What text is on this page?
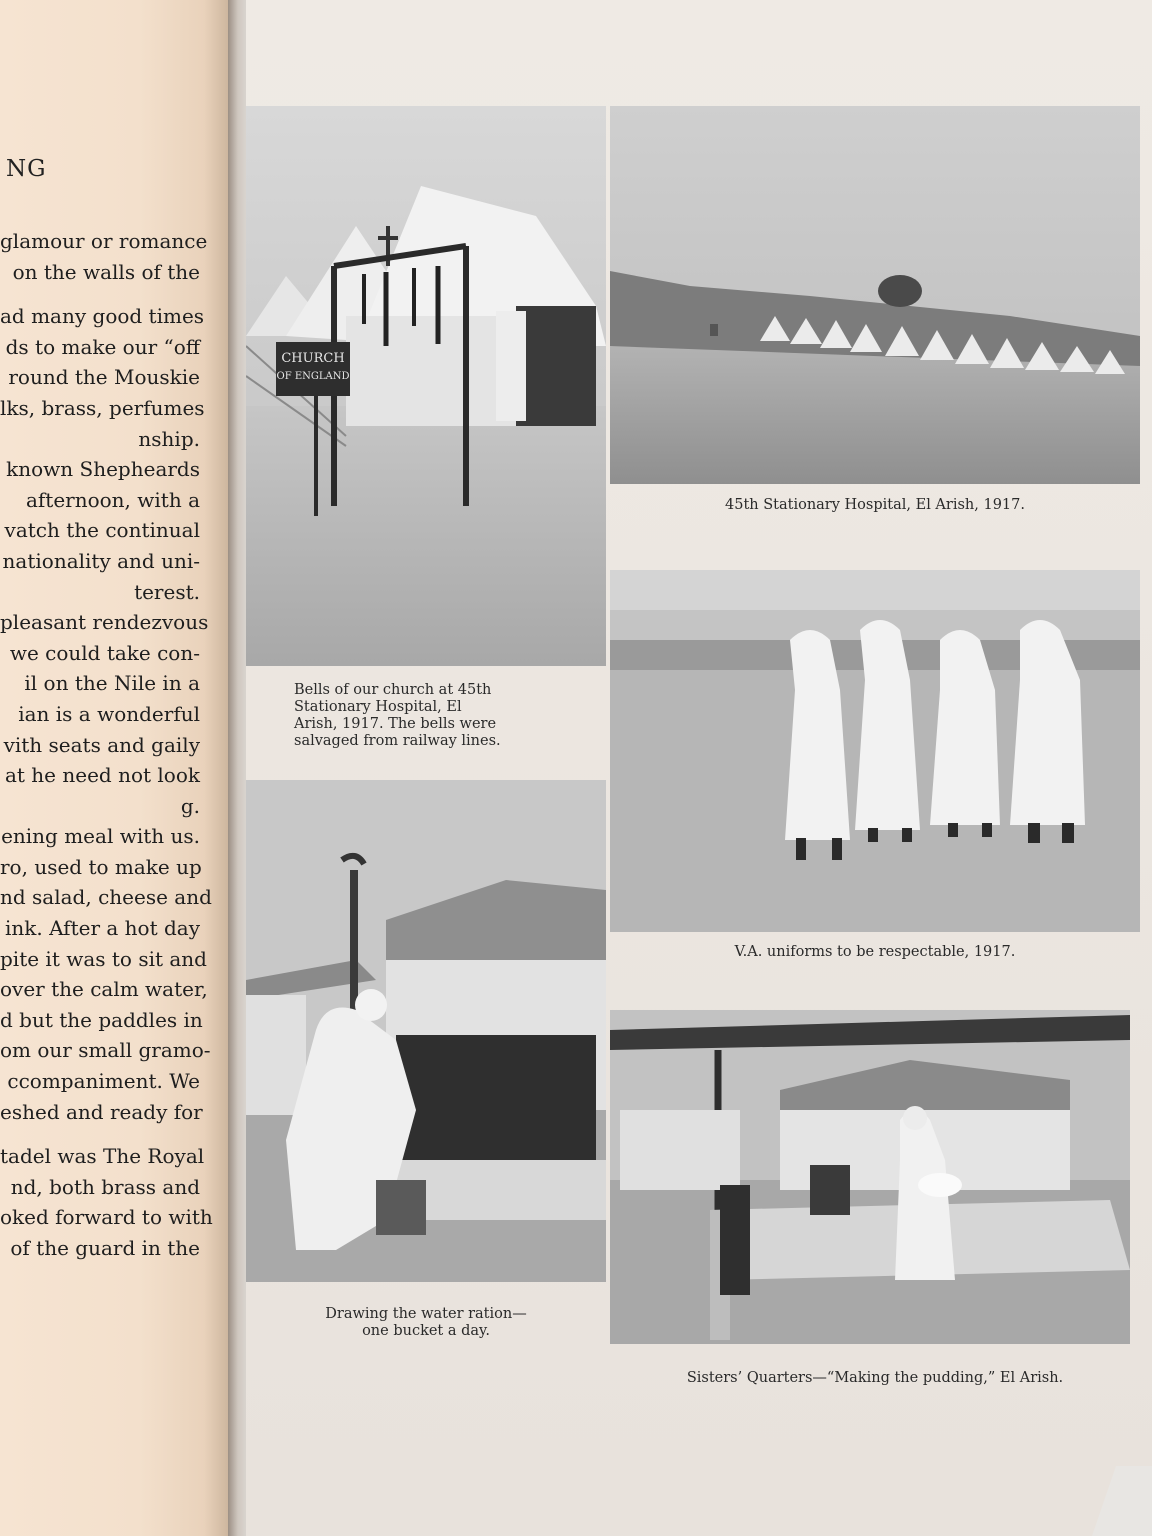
NG
glamour or romance
on the walls of the
ad many good times
ds to make our “off
round the Mouskie
lks, brass, perfumes
nship.
known Shepheards
afternoon, with a
vatch the continual
nationality and uni-
terest.
pleasant rendezvous
we could take con-
il on the Nile in a
ian is a wonderful
vith seats and gaily
at he need not look
g.
ening meal with us.
ro, used to make up
nd salad, cheese and
ink. After a hot day
pite it was to sit and
over the calm water,
d but the paddles in
om our small gramo-
ccompaniment. We
eshed and ready for
tadel was The Royal
nd, both brass and
oked forward to with
of the guard in the
CHURCH
OF ENGLAND
Bells of our church at 45th
Stationary Hospital, El
Arish, 1917. The bells were
salvaged from railway lines.
45th Stationary Hospital, El Arish, 1917.
Drawing the water ration—
one bucket a day.
V.A. uniforms to be respectable, 1917.
Sisters’ Quarters—“Making the pudding,” El Arish.
